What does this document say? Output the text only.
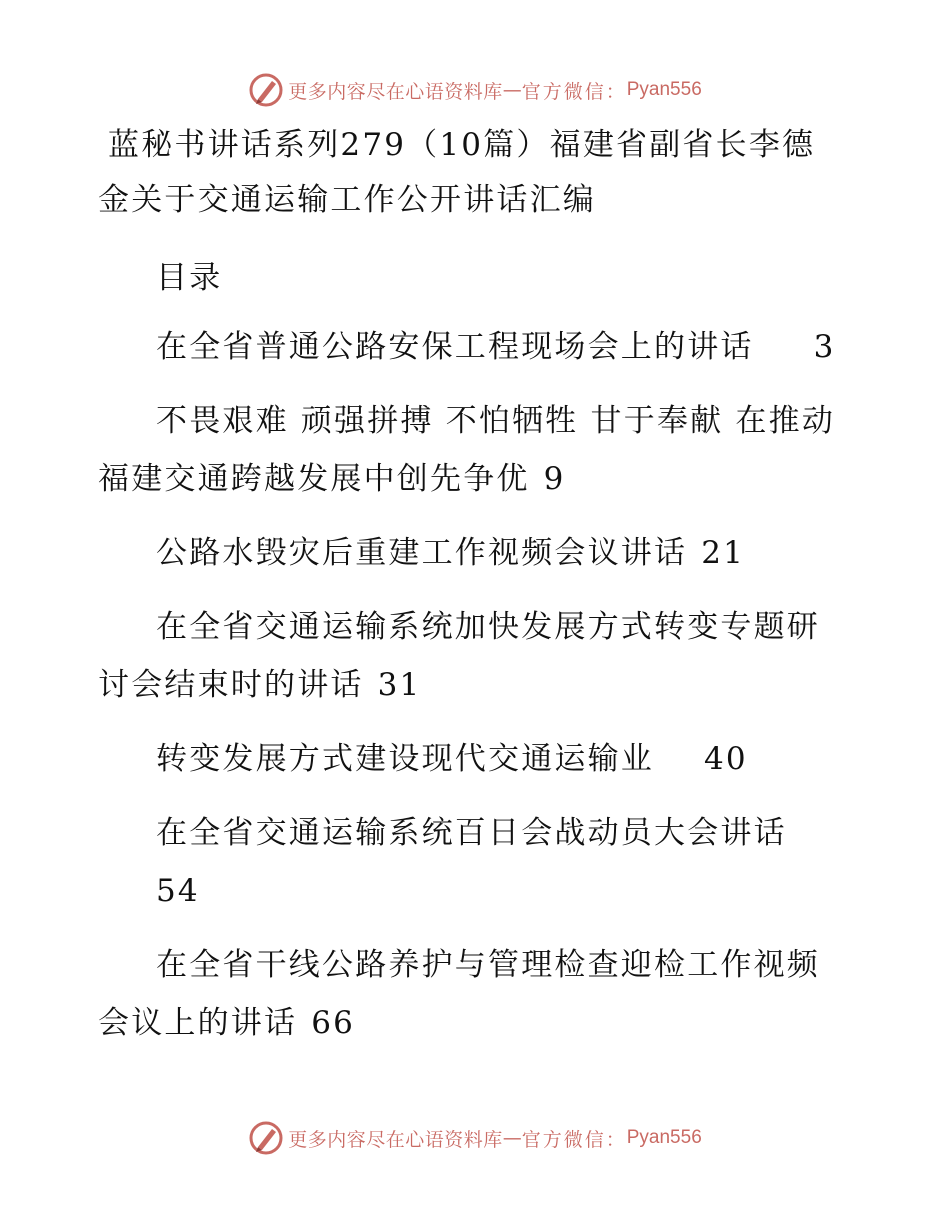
更多内容尽在心语资料库 — 官方微信： Pyan556
蓝秘书讲话系列279（10篇）福建省副省长李德金关于交通运输工作公开讲话汇编
目录
在全省普通公路安保工程现场会上的讲话 3
不畏艰难 顽强拼搏 不怕牺牲 甘于奉献 在推动福建交通跨越发展中创先争优 9
公路水毁灾后重建工作视频会议讲话 21
在全省交通运输系统加快发展方式转变专题研讨会结束时的讲话 31
转变发展方式建设现代交通运输业 40
在全省交通运输系统百日会战动员大会讲话
54
在全省干线公路养护与管理检查迎检工作视频会议上的讲话 66
更多内容尽在心语资料库 — 官方微信： Pyan556
